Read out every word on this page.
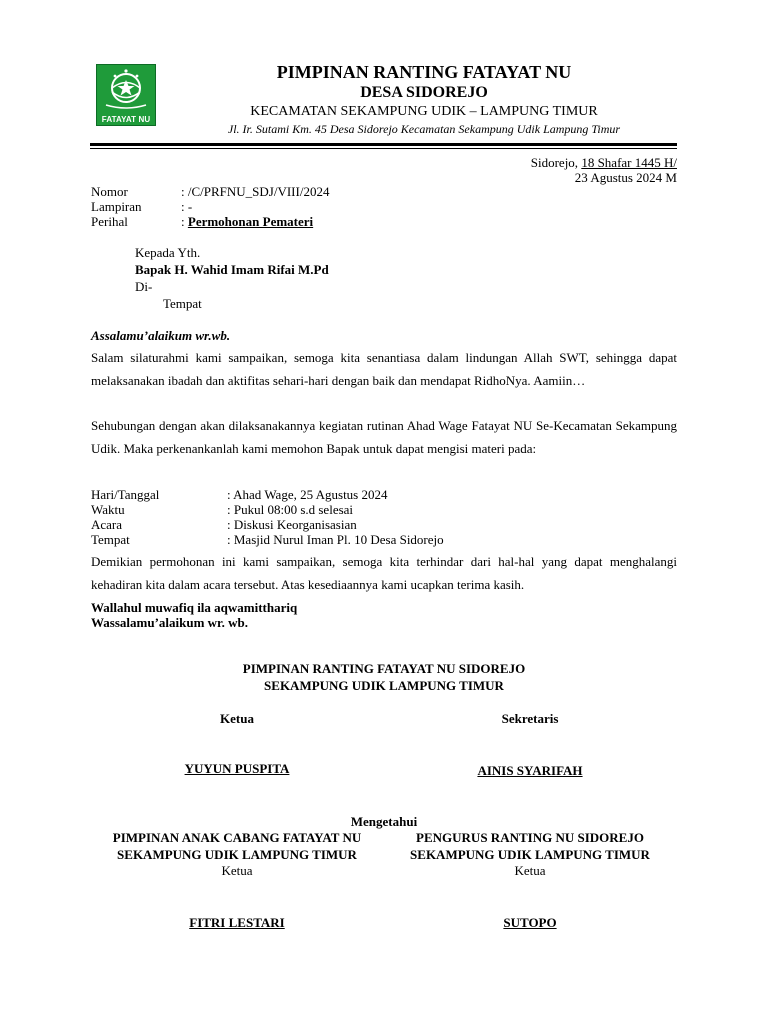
FATAYAT NU
PIMPINAN RANTING FATAYAT NU
DESA SIDOREJO
KECAMATAN SEKAMPUNG UDIK – LAMPUNG TIMUR
Jl. Ir. Sutami Km. 45 Desa Sidorejo Kecamatan Sekampung Udik Lampung Timur
Sidorejo, 18 Shafar 1445 H/
23 Agustus 2024 M
Nomor	: /C/PRFNU_SDJ/VIII/2024
Lampiran	: -
Perihal	: Permohonan Pemateri
Kepada Yth.
Bapak H. Wahid Imam Rifai M.Pd
Di-
Tempat
Assalamu’alaikum wr.wb.
Salam silaturahmi kami sampaikan, semoga kita senantiasa dalam lindungan Allah SWT, sehingga dapat melaksanakan ibadah dan aktifitas sehari-hari dengan baik dan mendapat RidhoNya. Aamiin…
Sehubungan dengan akan dilaksanakannya kegiatan rutinan Ahad Wage Fatayat NU Se-Kecamatan Sekampung Udik. Maka perkenankanlah kami memohon Bapak untuk dapat mengisi materi pada:
Hari/Tanggal	: Ahad Wage, 25 Agustus 2024
Waktu	: Pukul 08:00 s.d selesai
Acara	: Diskusi Keorganisasian
Tempat	: Masjid Nurul Iman Pl. 10 Desa Sidorejo
Demikian permohonan ini kami sampaikan, semoga kita terhindar dari hal-hal yang dapat menghalangi kehadiran kita dalam acara tersebut. Atas kesediaannya kami ucapkan terima kasih.
Wallahul muwafiq ila aqwamitthariq
Wassalamu’alaikum wr. wb.
PIMPINAN RANTING FATAYAT NU SIDOREJO
SEKAMPUNG UDIK LAMPUNG TIMUR
Ketua	Sekretaris
YUYUN PUSPITA	AINIS SYARIFAH
Mengetahui
PIMPINAN ANAK CABANG FATAYAT NU
SEKAMPUNG UDIK LAMPUNG TIMUR
Ketua
PENGURUS RANTING NU SIDOREJO
SEKAMPUNG UDIK LAMPUNG TIMUR
Ketua
FITRI LESTARI	SUTOPO
